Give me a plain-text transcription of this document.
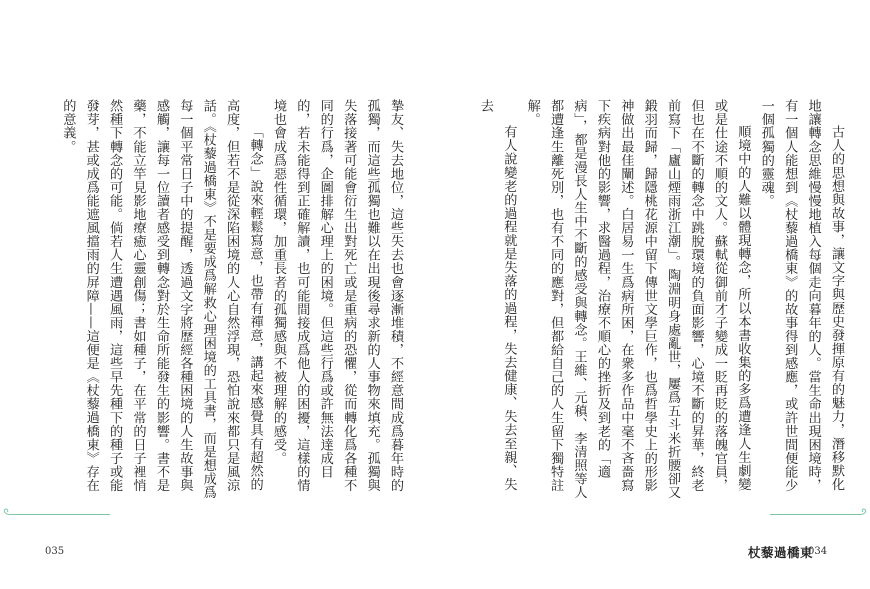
摯友、失去地位，這些失去也會逐漸堆積，不經意間成爲暮年時的孤獨，而這些孤獨也難以在出現後尋求新的人事物來填充。孤獨與失落接著可能會衍生出對死亡或是重病的恐懼，從而轉化爲各種不同的行爲，企圖排解心理上的困境。但這些行爲或許無法達成目的，若未能得到正確解讀，也可能間接成爲他人的困擾，這樣的情境也會成爲惡性循環，加重長者的孤獨感與不被理解的感受。

「轉念」說來輕鬆寫意，也帶有禪意，講起來感覺具有超然的高度，但若不是從深陷困境的人心自然浮現，恐怕說來都只是風涼話。《杖藜過橋東》不是要成爲解救心理困境的工具書，而是想成爲每一個平常日子中的提醒，透過文字將歷經各種困境的人生故事與感觸，讓每一位讀者感受到轉念對於生命所能發生的影響。書不是藥，不能立竿見影地療癒心靈創傷；書如種子，在平常的日子裡悄然種下轉念的可能。倘若人生遭遇風雨，這些早先種下的種子或能發芽，甚或成爲能遮風擋雨的屏障——這便是《杖藜過橋東》存在的意義。	古人的思想與故事，讓文字與歷史發揮原有的魅力，潛移默化地讓轉念思維慢慢地植入每個走向暮年的人。當生命出現困境時，有一個人能想到《杖藜過橋東》的故事得到感應，或許世間便能少一個孤獨的靈魂。

順境中的人難以體現轉念，所以本書收集的多爲遭逢人生劇變或是仕途不順的文人。蘇軾從御前才子變成一貶再貶的落魄官員，但也在不斷的轉念中跳脫環境的負面影響，心境不斷的昇華，終老前寫下「廬山煙雨浙江潮」。陶淵明身處亂世，屢爲五斗米折腰卻又鍛羽而歸，歸隱桃花源中留下傳世文學巨作，也爲哲學史上的形影神做出最佳闡述。白居易一生爲病所困，在衆多作品中毫不吝嗇寫下疾病對他的影響，求醫過程，治療不順心的挫折及到老的「適病」，都是漫長人生中不斷的感受與轉念。王維、元稹、李清照等人都遭逢生離死別，也有不同的應對，但都給自己的人生留下獨特註解。

有人說變老的過程就是失落的過程，失去健康、失去至親、失去

035	杖藜過橋東
034
